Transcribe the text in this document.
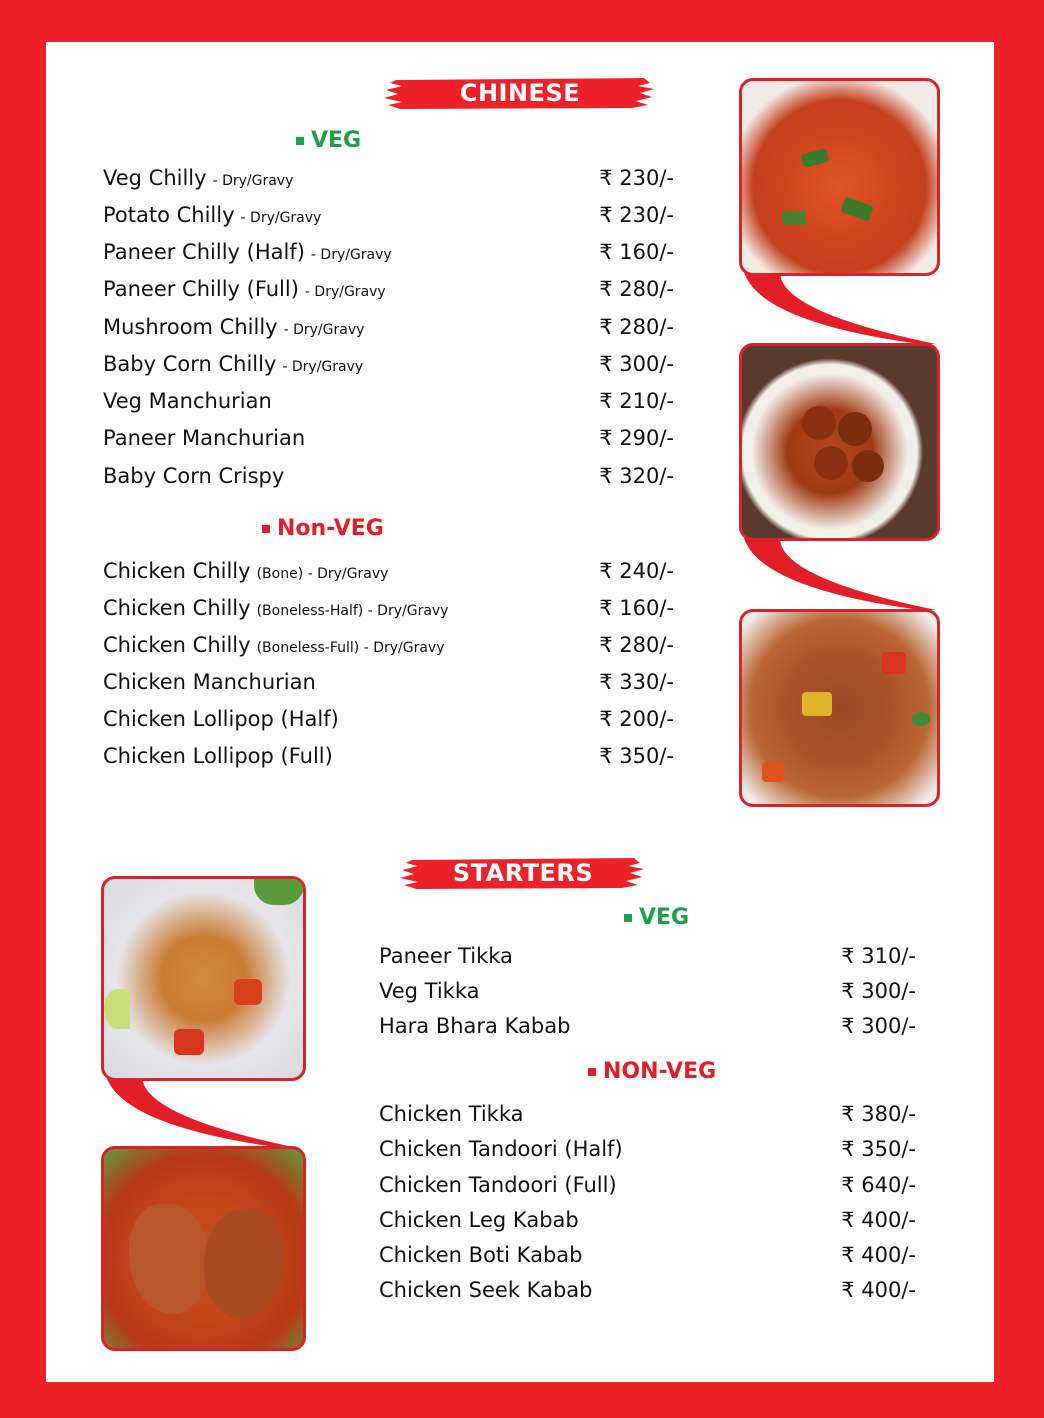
CHINESE
VEG
Veg Chilly - Dry/Gravy	₹ 230/-
Potato Chilly - Dry/Gravy	₹ 230/-
Paneer Chilly (Half) - Dry/Gravy	₹ 160/-
Paneer Chilly (Full) - Dry/Gravy	₹ 280/-
Mushroom Chilly - Dry/Gravy	₹ 280/-
Baby Corn Chilly - Dry/Gravy	₹ 300/-
Veg Manchurian	₹ 210/-
Paneer Manchurian	₹ 290/-
Baby Corn Crispy	₹ 320/-
Non-VEG
Chicken Chilly (Bone) - Dry/Gravy	₹ 240/-
Chicken Chilly (Boneless-Half) - Dry/Gravy	₹ 160/-
Chicken Chilly (Boneless-Full) - Dry/Gravy	₹ 280/-
Chicken Manchurian	₹ 330/-
Chicken Lollipop (Half)	₹ 200/-
Chicken Lollipop (Full)	₹ 350/-
STARTERS
VEG
Paneer Tikka	₹ 310/-
Veg Tikka	₹ 300/-
Hara Bhara Kabab	₹ 300/-
NON-VEG
Chicken Tikka	₹ 380/-
Chicken Tandoori (Half)	₹ 350/-
Chicken Tandoori (Full)	₹ 640/-
Chicken Leg Kabab	₹ 400/-
Chicken Boti Kabab	₹ 400/-
Chicken Seek Kabab	₹ 400/-
